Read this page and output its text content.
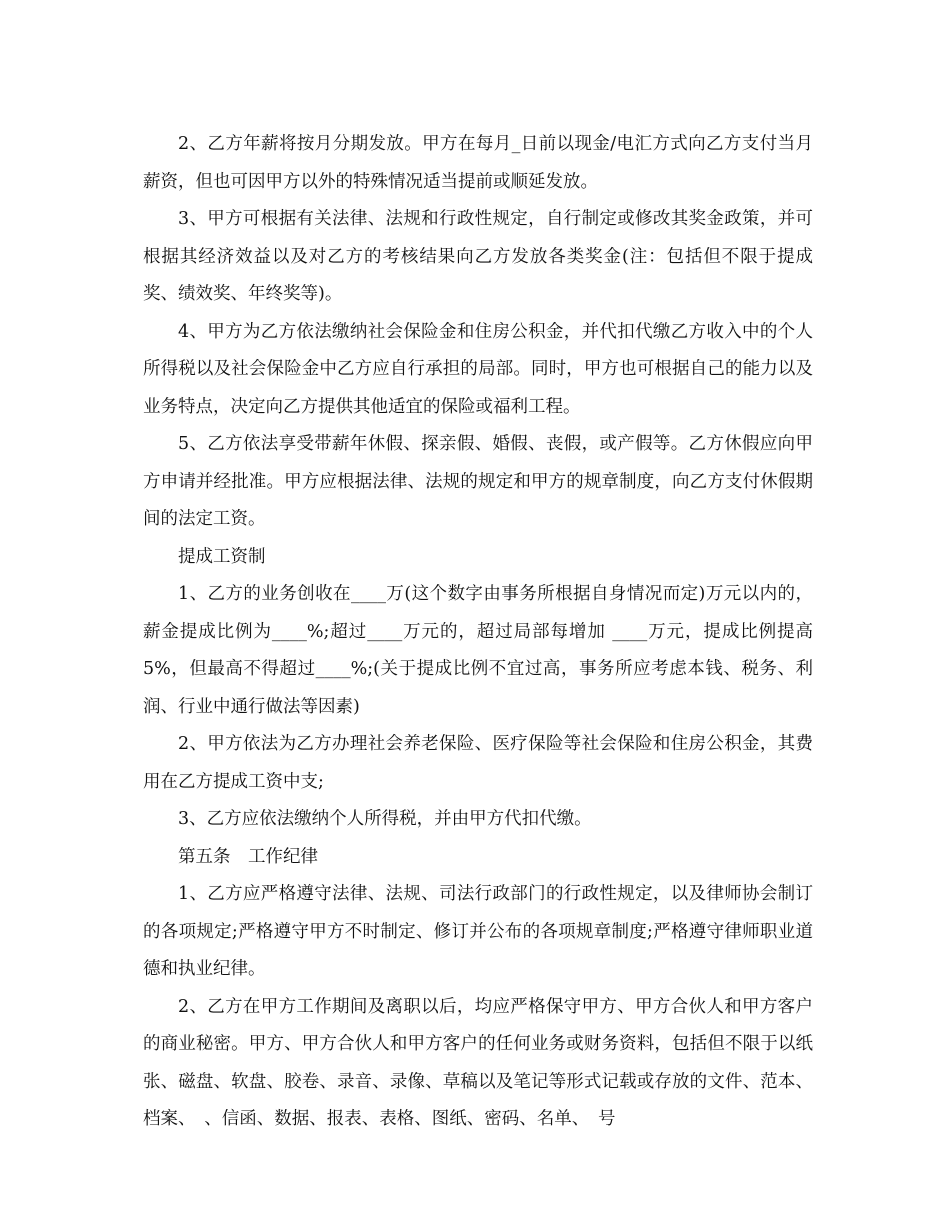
2、乙方年薪将按月分期发放。甲方在每月_日前以现金/电汇方式向乙方支付当月薪资，但也可因甲方以外的特殊情况适当提前或顺延发放。

3、甲方可根据有关法律、法规和行政性规定，自行制定或修改其奖金政策，并可根据其经济效益以及对乙方的考核结果向乙方发放各类奖金(注：包括但不限于提成奖、绩效奖、年终奖等)。

4、甲方为乙方依法缴纳社会保险金和住房公积金，并代扣代缴乙方收入中的个人所得税以及社会保险金中乙方应自行承担的局部。同时，甲方也可根据自己的能力以及业务特点，决定向乙方提供其他适宜的保险或福利工程。

5、乙方依法享受带薪年休假、探亲假、婚假、丧假，或产假等。乙方休假应向甲方申请并经批准。甲方应根据法律、法规的规定和甲方的规章制度，向乙方支付休假期间的法定工资。

提成工资制

1、乙方的业务创收在____万(这个数字由事务所根据自身情况而定)万元以内的，薪金提成比例为____%;超过____万元的，超过局部每增加 ____万元，提成比例提高 5%，但最高不得超过____%;(关于提成比例不宜过高，事务所应考虑本钱、税务、利润、行业中通行做法等因素)

2、甲方依法为乙方办理社会养老保险、医疗保险等社会保险和住房公积金，其费用在乙方提成工资中支;

3、乙方应依法缴纳个人所得税，并由甲方代扣代缴。

第五条　工作纪律

1、乙方应严格遵守法律、法规、司法行政部门的行政性规定，以及律师协会制订的各项规定;严格遵守甲方不时制定、修订并公布的各项规章制度;严格遵守律师职业道德和执业纪律。

2、乙方在甲方工作期间及离职以后，均应严格保守甲方、甲方合伙人和甲方客户的商业秘密。甲方、甲方合伙人和甲方客户的任何业务或财务资料，包括但不限于以纸张、磁盘、软盘、胶卷、录音、录像、草稿以及笔记等形式记载或存放的文件、范本、档案、　、信函、数据、报表、表格、图纸、密码、名单、　号
